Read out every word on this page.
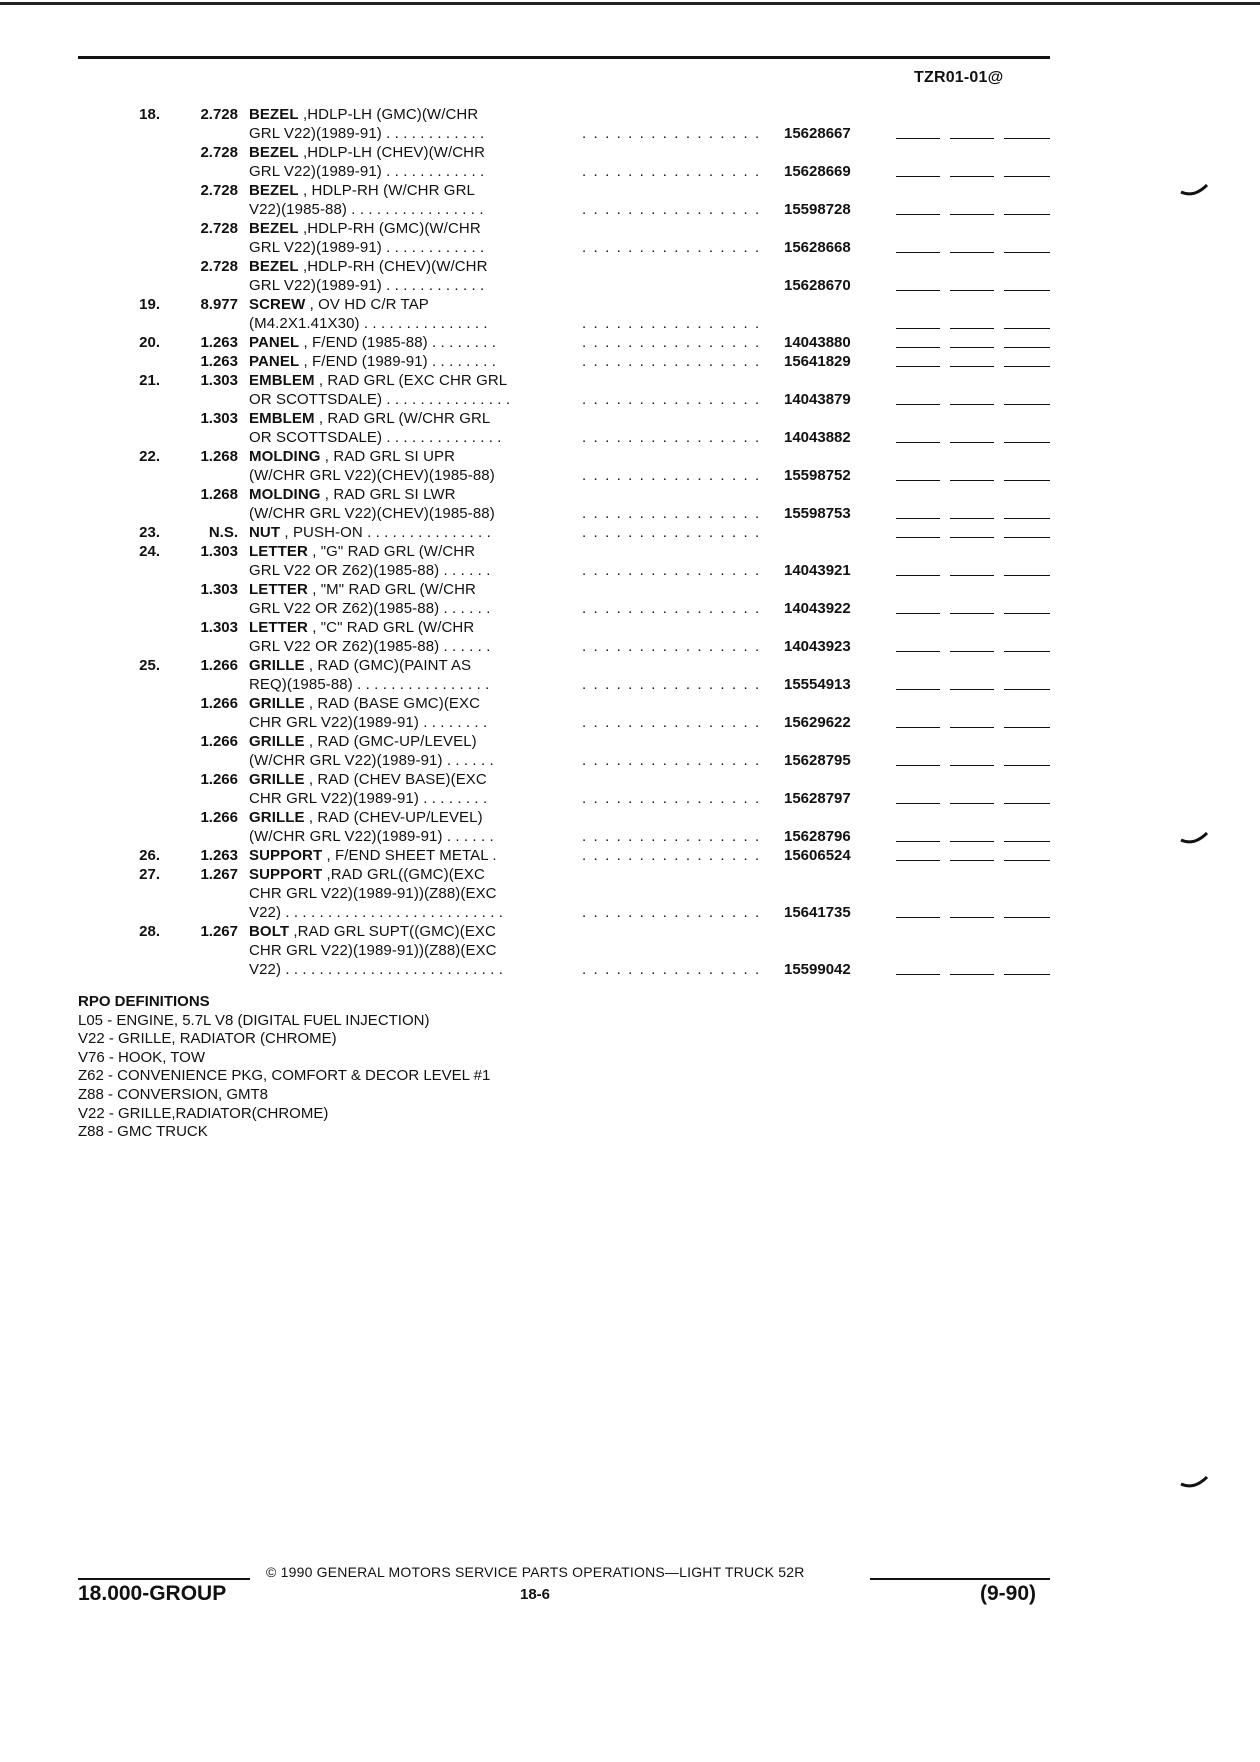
TZR01-01@
18.	2.728 BEZEL ,HDLP-LH (GMC)(W/CHR
GRL V22)(1989-91) . . . . . . . . . . . .	. . . . . . . . . . . . . . . . 15628667
2.728 BEZEL ,HDLP-LH (CHEV)(W/CHR
GRL V22)(1989-91) . . . . . . . . . . . .	. . . . . . . . . . . . . . . . 15628669
2.728 BEZEL , HDLP-RH (W/CHR GRL
V22)(1985-88) . . . . . . . . . . . . . . . .	. . . . . . . . . . . . . . . . 15598728
2.728 BEZEL ,HDLP-RH (GMC)(W/CHR
GRL V22)(1989-91) . . . . . . . . . . . .	. . . . . . . . . . . . . . . . 15628668
2.728 BEZEL ,HDLP-RH (CHEV)(W/CHR
GRL V22)(1989-91) . . . . . . . . . . . .	15628670
19.	8.977 SCREW , OV HD C/R TAP
(M4.2X1.41X30) . . . . . . . . . . . . . . .	. . . . . . . . . . . . . . . .
20.	1.263 PANEL , F/END (1985-88) . . . . . . . .	. . . . . . . . . . . . . . . . 14043880
1.263 PANEL , F/END (1989-91) . . . . . . . .	. . . . . . . . . . . . . . . . 15641829
21.	1.303 EMBLEM , RAD GRL (EXC CHR GRL
OR SCOTTSDALE) . . . . . . . . . . . . . . .	. . . . . . . . . . . . . . . . 14043879
1.303 EMBLEM , RAD GRL (W/CHR GRL
OR SCOTTSDALE) . . . . . . . . . . . . . .	. . . . . . . . . . . . . . . . 14043882
22.	1.268 MOLDING , RAD GRL SI UPR
(W/CHR GRL V22)(CHEV)(1985-88)	. . . . . . . . . . . . . . . . 15598752
1.268 MOLDING , RAD GRL SI LWR
(W/CHR GRL V22)(CHEV)(1985-88)	. . . . . . . . . . . . . . . . 15598753
23.	N.S. NUT , PUSH-ON . . . . . . . . . . . . . . .	. . . . . . . . . . . . . . . .
24.	1.303 LETTER , "G" RAD GRL (W/CHR
GRL V22 OR Z62)(1985-88) . . . . . .	. . . . . . . . . . . . . . . . 14043921
1.303 LETTER , "M" RAD GRL (W/CHR
GRL V22 OR Z62)(1985-88) . . . . . .	. . . . . . . . . . . . . . . . 14043922
1.303 LETTER , "C" RAD GRL (W/CHR
GRL V22 OR Z62)(1985-88) . . . . . .	. . . . . . . . . . . . . . . . 14043923
25.	1.266 GRILLE , RAD (GMC)(PAINT AS
REQ)(1985-88) . . . . . . . . . . . . . . . .	. . . . . . . . . . . . . . . . 15554913
1.266 GRILLE , RAD (BASE GMC)(EXC
CHR GRL V22)(1989-91) . . . . . . . .	. . . . . . . . . . . . . . . . 15629622
1.266 GRILLE , RAD (GMC-UP/LEVEL)
(W/CHR GRL V22)(1989-91) . . . . . .	. . . . . . . . . . . . . . . . 15628795
1.266 GRILLE , RAD (CHEV BASE)(EXC
CHR GRL V22)(1989-91) . . . . . . . .	. . . . . . . . . . . . . . . . 15628797
1.266 GRILLE , RAD (CHEV-UP/LEVEL)
(W/CHR GRL V22)(1989-91) . . . . . .	. . . . . . . . . . . . . . . . 15628796
26.	1.263 SUPPORT , F/END SHEET METAL .	. . . . . . . . . . . . . . . . 15606524
27.	1.267 SUPPORT ,RAD GRL((GMC)(EXC
CHR GRL V22)(1989-91))(Z88)(EXC
V22) . . . . . . . . . . . . . . . . . . . . . . . . . .	. . . . . . . . . . . . . . . . 15641735
28.	1.267 BOLT ,RAD GRL SUPT((GMC)(EXC
CHR GRL V22)(1989-91))(Z88)(EXC
V22) . . . . . . . . . . . . . . . . . . . . . . . . . .	. . . . . . . . . . . . . . . . 15599042
RPO DEFINITIONS
L05 - ENGINE, 5.7L V8 (DIGITAL FUEL INJECTION)
V22 - GRILLE, RADIATOR (CHROME)
V76 - HOOK, TOW
Z62 - CONVENIENCE PKG, COMFORT & DECOR LEVEL #1
Z88 - CONVERSION, GMT8
V22 - GRILLE,RADIATOR(CHROME)
Z88 - GMC TRUCK
© 1990 GENERAL MOTORS SERVICE PARTS OPERATIONS—LIGHT TRUCK 52R
18.000-GROUP	18-6	(9-90)
